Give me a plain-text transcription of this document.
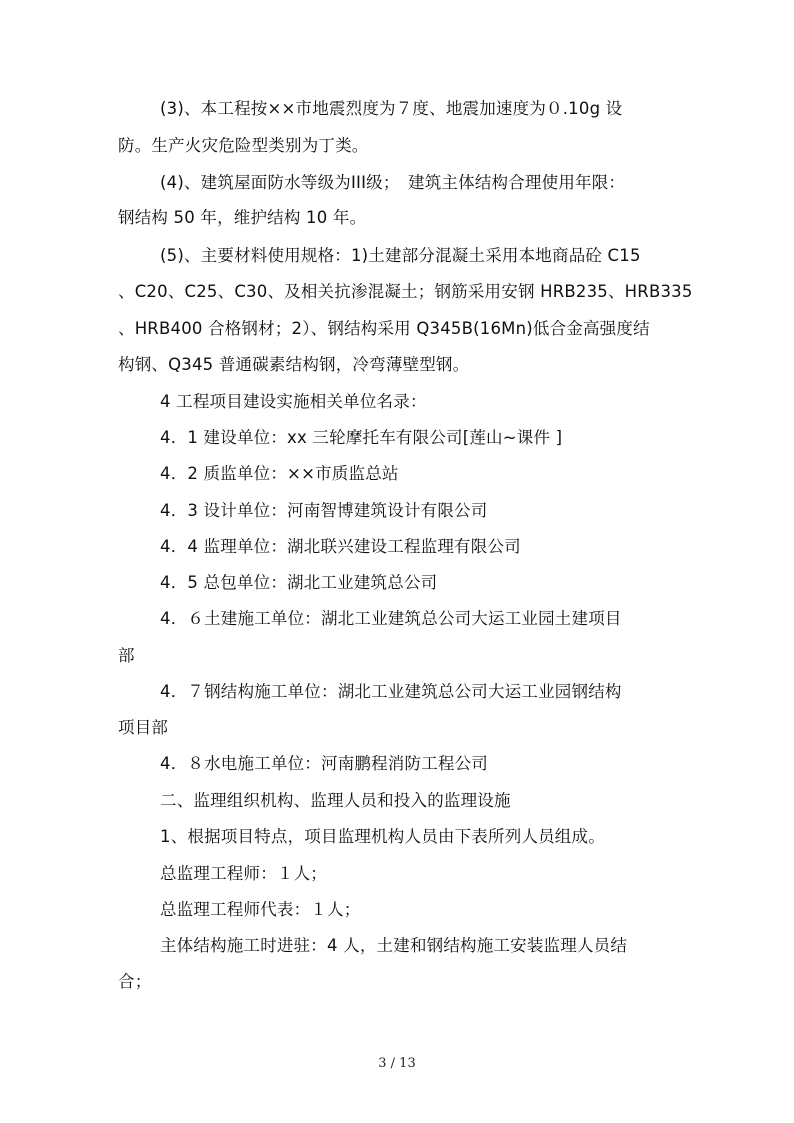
(3)、本工程按××市地震烈度为７度、地震加速度为０.10g 设
防。生产火灾危险型类别为丁类。
(4)、建筑屋面防水等级为III级；　建筑主体结构合理使用年限：
钢结构 50 年，维护结构 10 年。
(5)、主要材料使用规格：1)土建部分混凝土采用本地商品砼 C15
、C20、C25、C30、及相关抗渗混凝土；钢筋采用安钢 HRB235、HRB335
、HRB400 合格钢材；2）、钢结构采用 Q345B(16Mn)低合金高强度结
构钢、Q345 普通碳素结构钢，冷弯薄壁型钢。
4 工程项目建设实施相关单位名录：
4．1 建设单位：xx 三轮摩托车有限公司[莲山~课件 ]
4．2 质监单位：××市质监总站
4．3 设计单位：河南智博建筑设计有限公司
4．4 监理单位：湖北联兴建设工程监理有限公司
4．5 总包单位：湖北工业建筑总公司
4．６土建施工单位：湖北工业建筑总公司大运工业园土建项目
部
4．７钢结构施工单位：湖北工业建筑总公司大运工业园钢结构
项目部
4．８水电施工单位：河南鹏程消防工程公司
二、监理组织机构、监理人员和投入的监理设施
1、根据项目特点，项目监理机构人员由下表所列人员组成。
总监理工程师：１人；
总监理工程师代表：１人；
主体结构施工时进驻：4 人，土建和钢结构施工安装监理人员结
合；
3 / 13
